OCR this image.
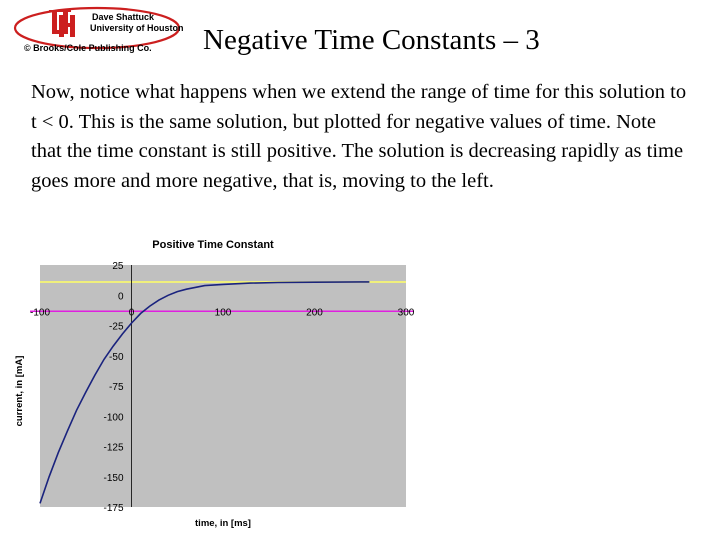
Dave Shattuck
University of Houston
© Brooks/Cole Publishing Co. Negative Time Constants – 3
Now, notice what happens when we extend the range of time for this solution to t < 0. This is the same solution, but plotted for negative values of time. Note that the time constant is still positive. The solution is decreasing rapidly as time goes more and more negative, that is, moving to the left.
25
0
-25
-50
-75
-100
-125
-150
-175
-100	0	100	200	300
Positive Time Constant
time, in [ms]
current, in [mA]
